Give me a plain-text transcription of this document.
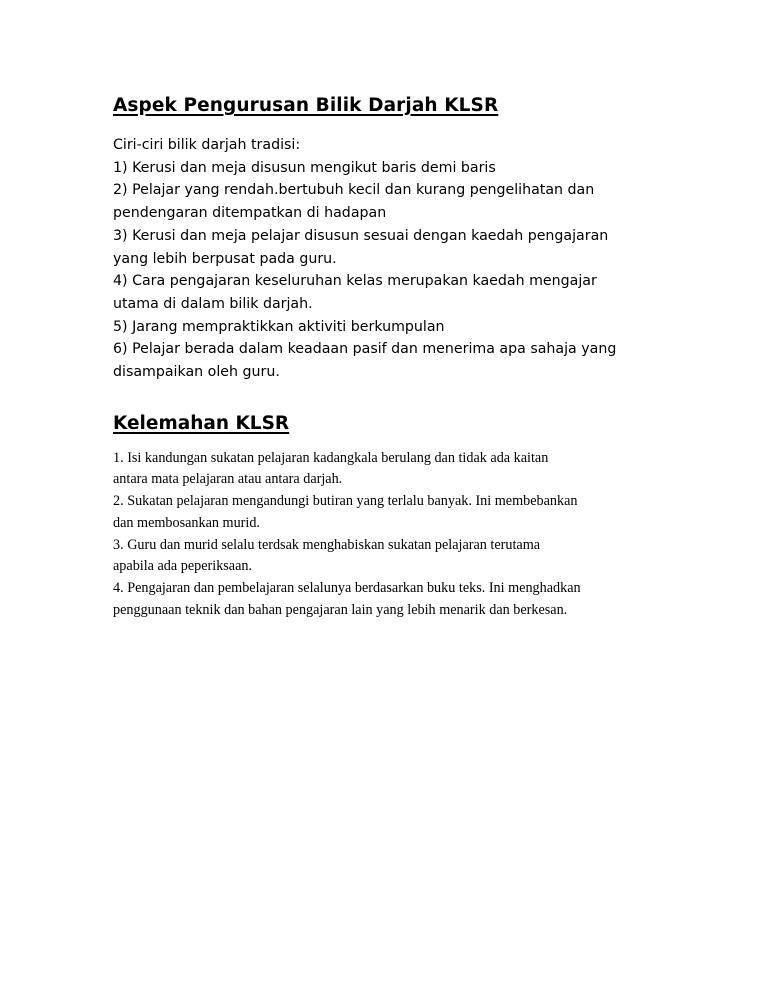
Aspek Pengurusan Bilik Darjah KLSR
Ciri-ciri bilik darjah tradisi:
1) Kerusi dan meja disusun mengikut baris demi baris
2) Pelajar yang rendah.bertubuh kecil dan kurang pengelihatan dan
pendengaran ditempatkan di hadapan
3) Kerusi dan meja pelajar disusun sesuai dengan kaedah pengajaran
yang lebih berpusat pada guru.
4) Cara pengajaran keseluruhan kelas merupakan kaedah mengajar
utama di dalam bilik darjah.
5) Jarang mempraktikkan aktiviti berkumpulan
6) Pelajar berada dalam keadaan pasif dan menerima apa sahaja yang
disampaikan oleh guru.
Kelemahan KLSR
1. Isi kandungan sukatan pelajaran kadangkala berulang dan tidak ada kaitan
antara mata pelajaran atau antara darjah.
2. Sukatan pelajaran mengandungi butiran yang terlalu banyak. Ini membebankan
dan membosankan murid.
3. Guru dan murid selalu terdsak menghabiskan sukatan pelajaran terutama
apabila ada peperiksaan.
4. Pengajaran dan pembelajaran selalunya berdasarkan buku teks. Ini menghadkan
penggunaan teknik dan bahan pengajaran lain yang lebih menarik dan berkesan.
